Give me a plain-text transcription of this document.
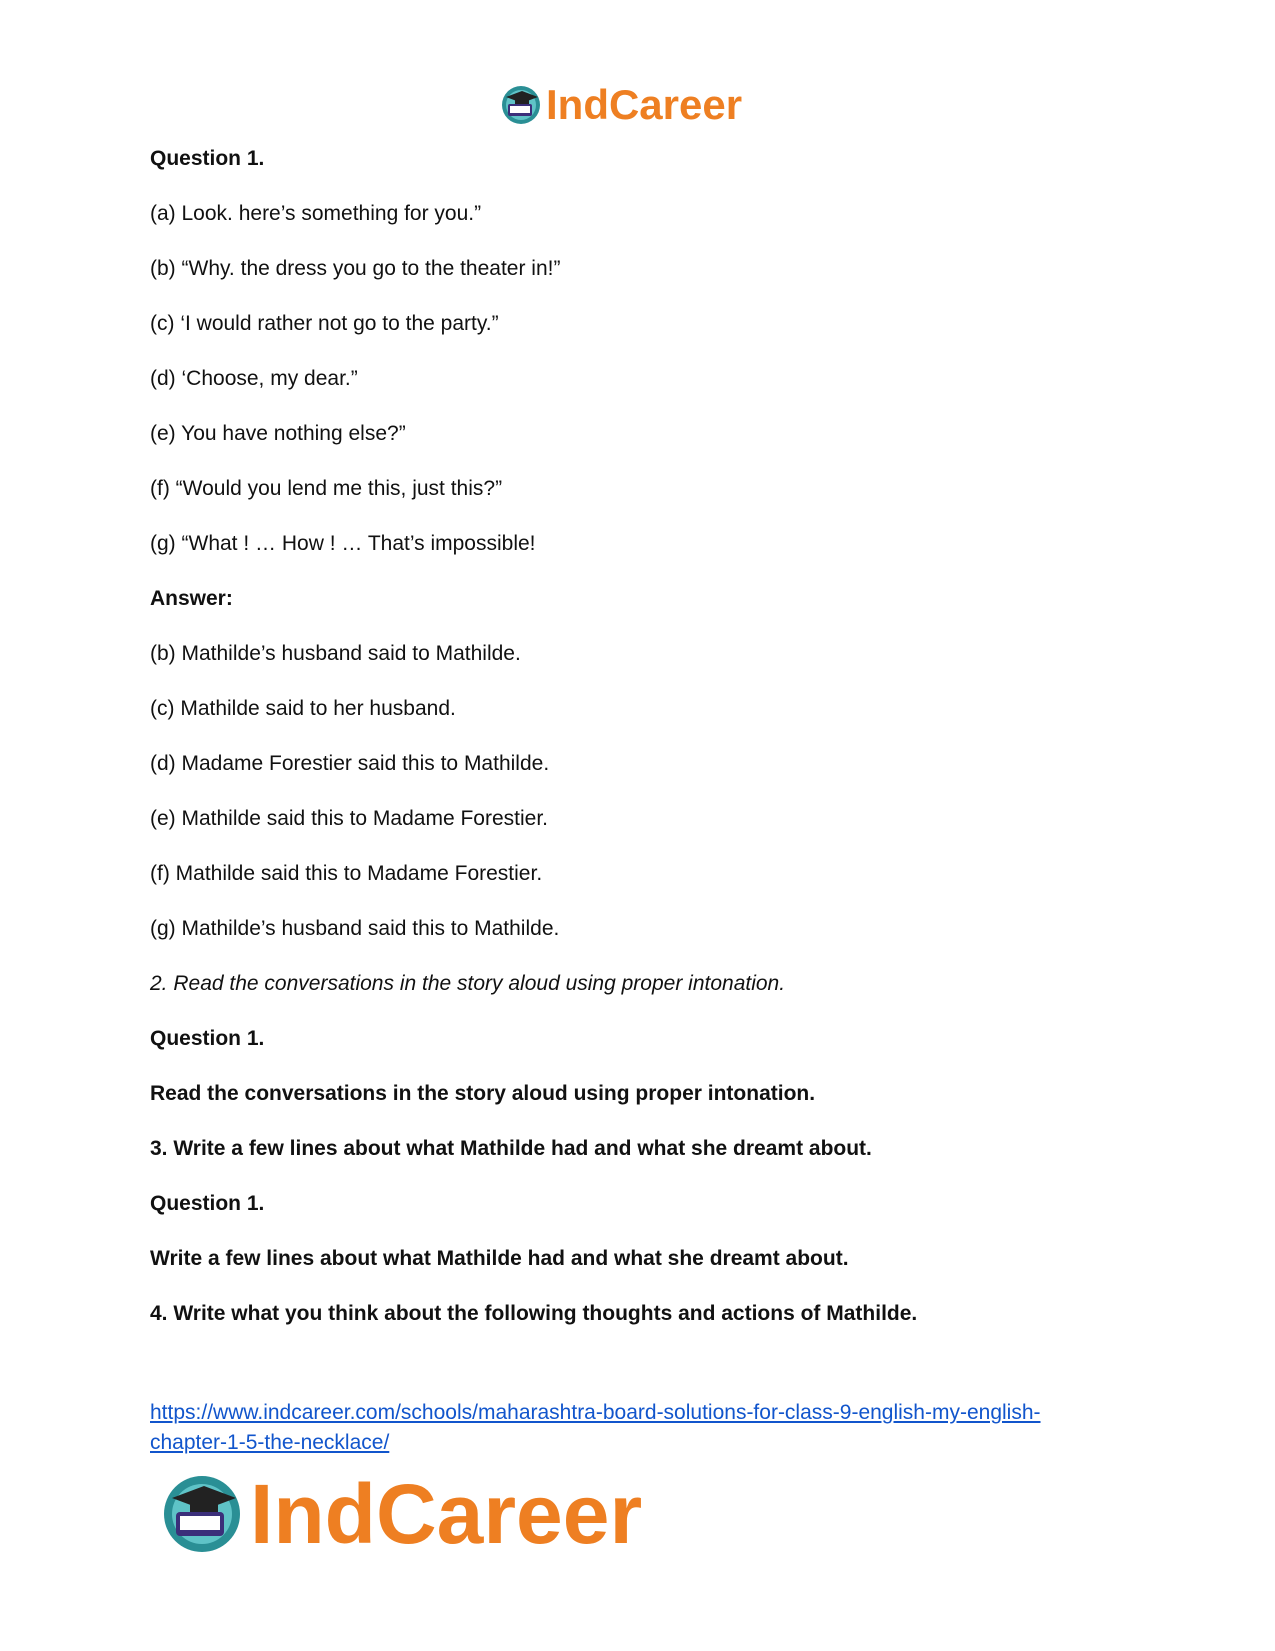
IndCareer
Question 1.
(a) Look. here’s something for you.”
(b) “Why. the dress you go to the theater in!”
(c) ‘I would rather not go to the party.”
(d) ‘Choose, my dear.”
(e) You have nothing else?”
(f) “Would you lend me this, just this?”
(g) “What ! … How ! … That’s impossible!
Answer:
(b) Mathilde’s husband said to Mathilde.
(c) Mathilde said to her husband.
(d) Madame Forestier said this to Mathilde.
(e) Mathilde said this to Madame Forestier.
(f) Mathilde said this to Madame Forestier.
(g) Mathilde’s husband said this to Mathilde.
2. Read the conversations in the story aloud using proper intonation.
Question 1.
Read the conversations in the story aloud using proper intonation.
3. Write a few lines about what Mathilde had and what she dreamt about.
Question 1.
Write a few lines about what Mathilde had and what she dreamt about.
4. Write what you think about the following thoughts and actions of Mathilde.
https://www.indcareer.com/schools/maharashtra-board-solutions-for-class-9-english-my-english-
chapter-1-5-the-necklace/
IndCareer
